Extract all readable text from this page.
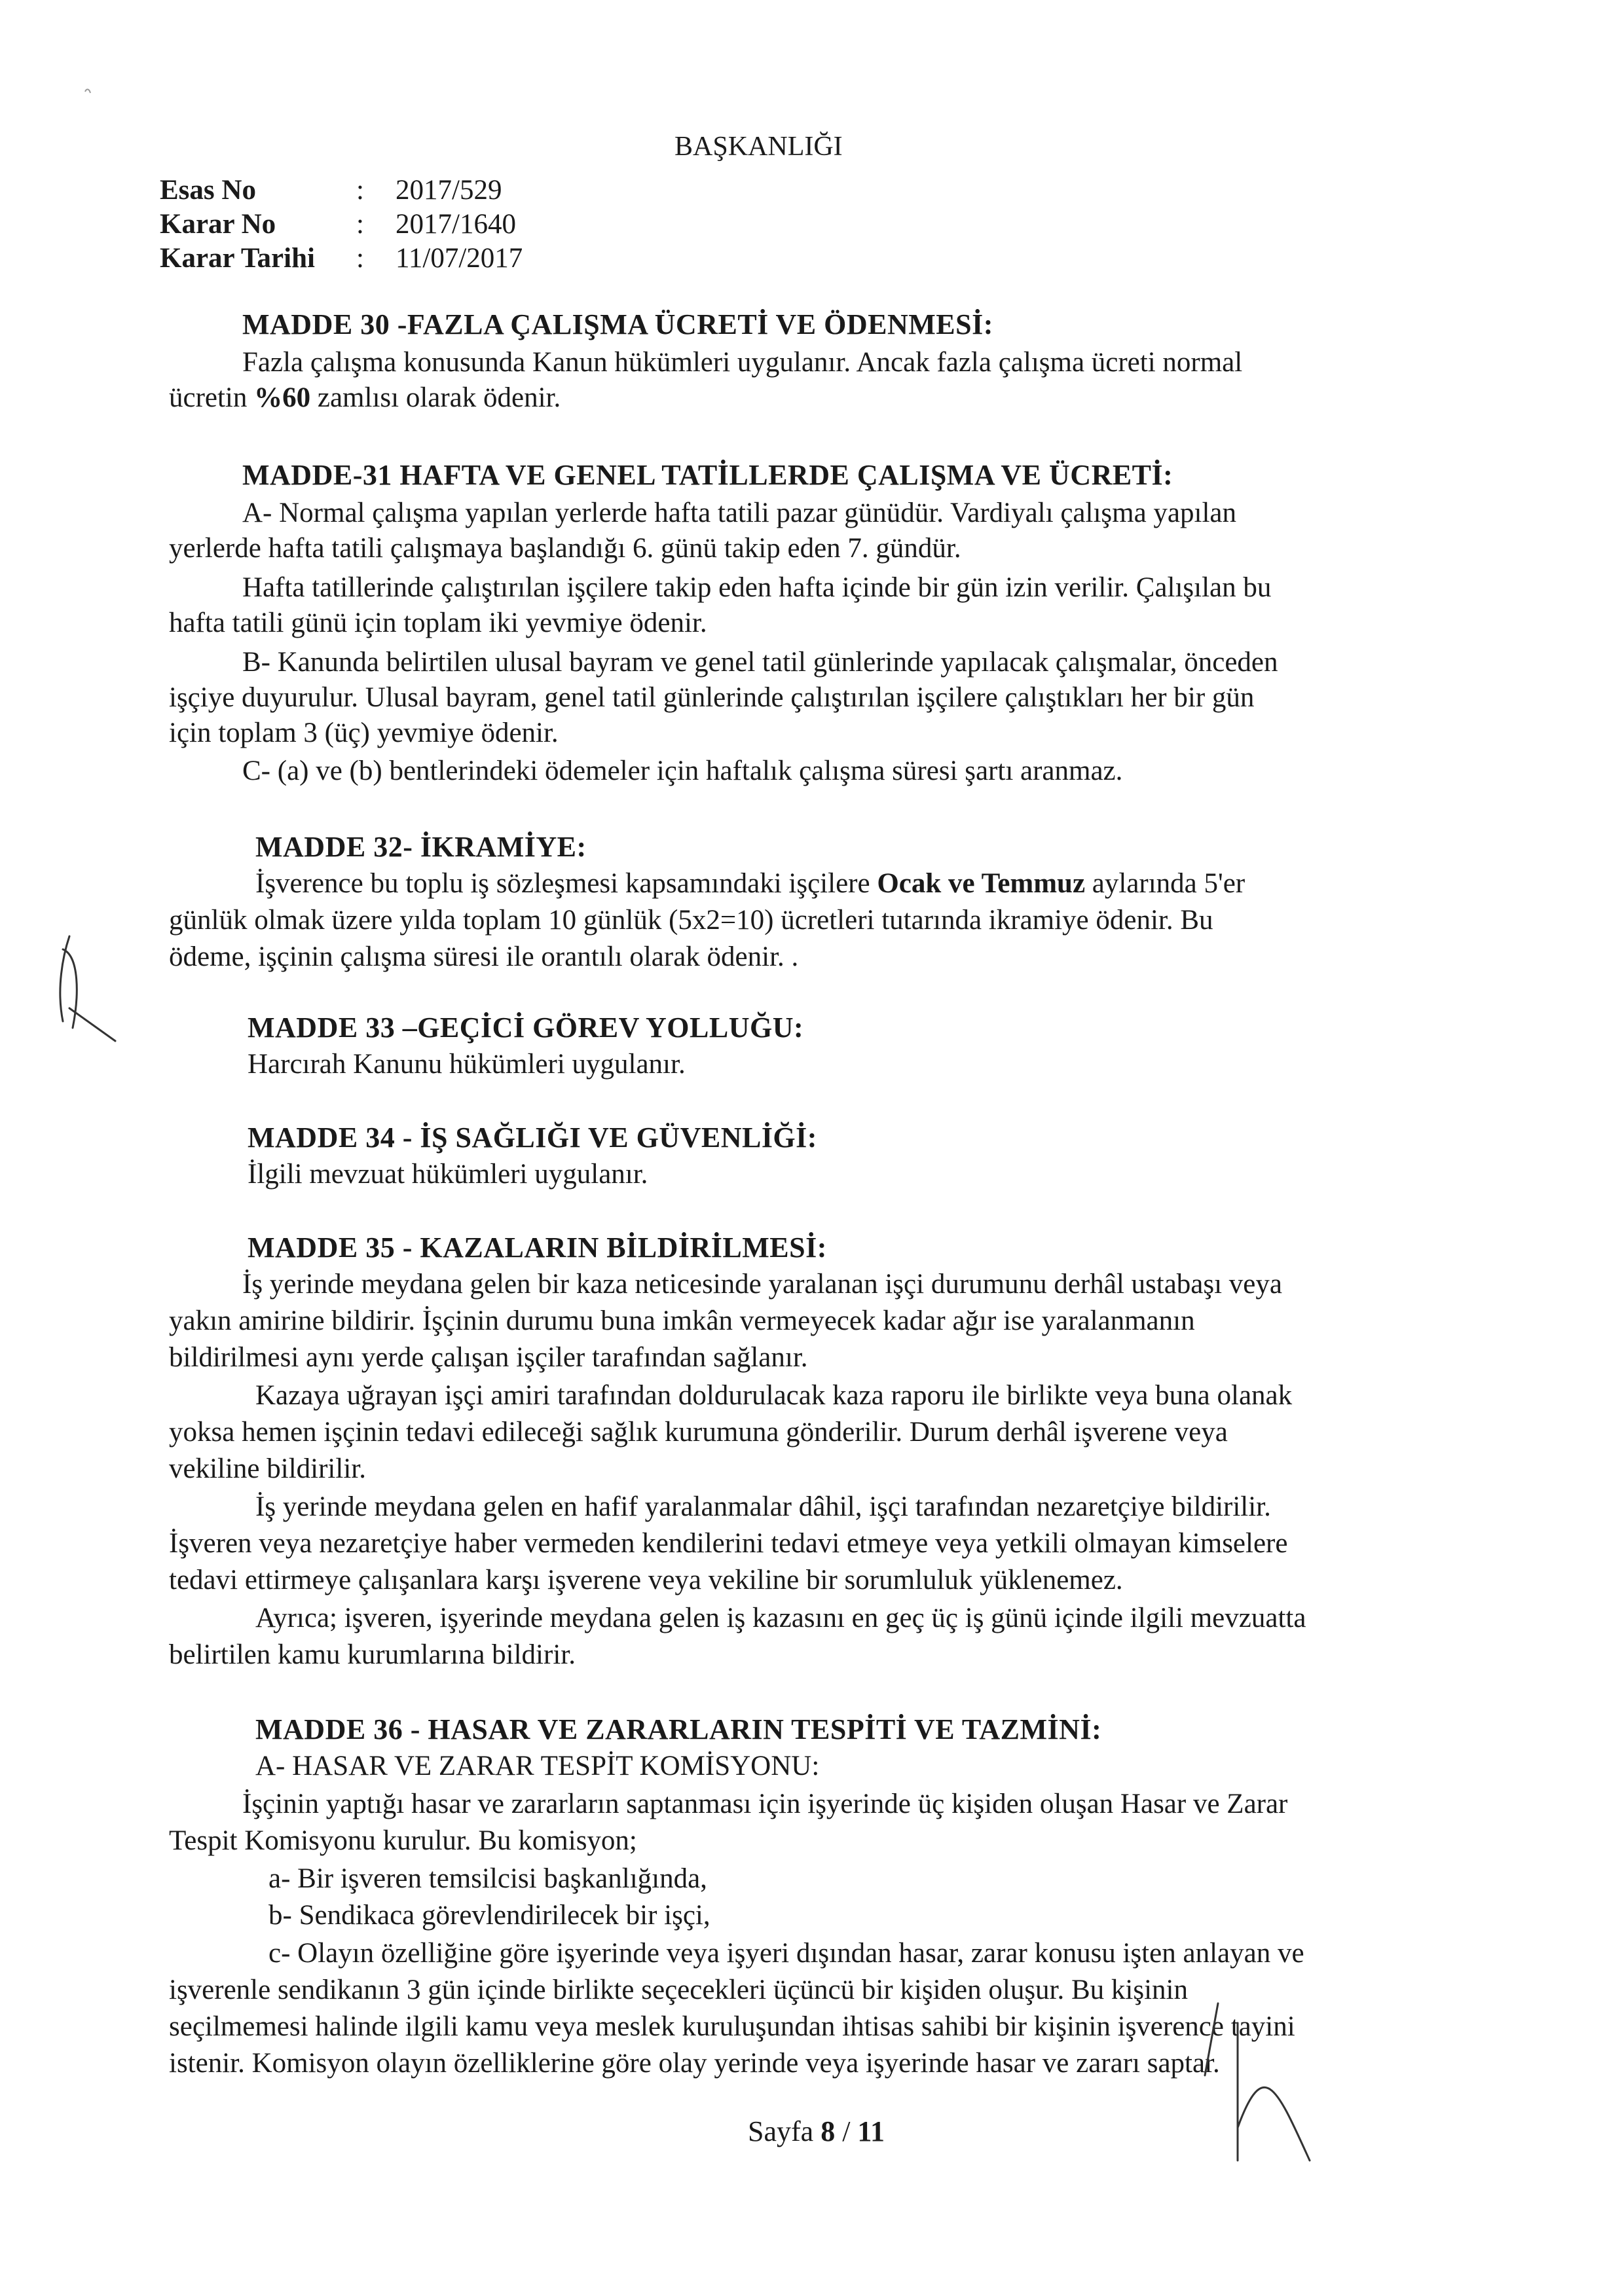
BAŞKANLIĞI
Esas No	: 2017/529
Karar No	: 2017/1640
Karar Tarihi : 11/07/2017
MADDE 30 -FAZLA ÇALIŞMA ÜCRETİ VE ÖDENMESİ:
Fazla çalışma konusunda Kanun hükümleri uygulanır. Ancak fazla çalışma ücreti normal
ücretin %60 zamlısı olarak ödenir.
MADDE-31 HAFTA VE GENEL TATİLLERDE ÇALIŞMA VE ÜCRETİ:
A- Normal çalışma yapılan yerlerde hafta tatili pazar günüdür. Vardiyalı çalışma yapılan
yerlerde hafta tatili çalışmaya başlandığı 6. günü takip eden 7. gündür.
Hafta tatillerinde çalıştırılan işçilere takip eden hafta içinde bir gün izin verilir. Çalışılan bu
hafta tatili günü için toplam iki yevmiye ödenir.
B- Kanunda belirtilen ulusal bayram ve genel tatil günlerinde yapılacak çalışmalar, önceden
işçiye duyurulur. Ulusal bayram, genel tatil günlerinde çalıştırılan işçilere çalıştıkları her bir gün
için toplam 3 (üç) yevmiye ödenir.
C- (a) ve (b) bentlerindeki ödemeler için haftalık çalışma süresi şartı aranmaz.
MADDE 32- İKRAMİYE:
İşverence bu toplu iş sözleşmesi kapsamındaki işçilere Ocak ve Temmuz aylarında 5'er
günlük olmak üzere yılda toplam 10 günlük (5x2=10) ücretleri tutarında ikramiye ödenir. Bu
ödeme, işçinin çalışma süresi ile orantılı olarak ödenir. .
MADDE 33 –GEÇİCİ GÖREV YOLLUĞU:
Harcırah Kanunu hükümleri uygulanır.
MADDE 34 - İŞ SAĞLIĞI VE GÜVENLİĞİ:
İlgili mevzuat hükümleri uygulanır.
MADDE 35 - KAZALARIN BİLDİRİLMESİ:
İş yerinde meydana gelen bir kaza neticesinde yaralanan işçi durumunu derhâl ustabaşı veya
yakın amirine bildirir. İşçinin durumu buna imkân vermeyecek kadar ağır ise yaralanmanın
bildirilmesi aynı yerde çalışan işçiler tarafından sağlanır.
Kazaya uğrayan işçi amiri tarafından doldurulacak kaza raporu ile birlikte veya buna olanak
yoksa hemen işçinin tedavi edileceği sağlık kurumuna gönderilir. Durum derhâl işverene veya
vekiline bildirilir.
İş yerinde meydana gelen en hafif yaralanmalar dâhil, işçi tarafından nezaretçiye bildirilir.
İşveren veya nezaretçiye haber vermeden kendilerini tedavi etmeye veya yetkili olmayan kimselere
tedavi ettirmeye çalışanlara karşı işverene veya vekiline bir sorumluluk yüklenemez.
Ayrıca; işveren, işyerinde meydana gelen iş kazasını en geç üç iş günü içinde ilgili mevzuatta
belirtilen kamu kurumlarına bildirir.
MADDE 36 - HASAR VE ZARARLARIN TESPİTİ VE TAZMİNİ:
A- HASAR VE ZARAR TESPİT KOMİSYONU:
İşçinin yaptığı hasar ve zararların saptanması için işyerinde üç kişiden oluşan Hasar ve Zarar
Tespit Komisyonu kurulur. Bu komisyon;
a- Bir işveren temsilcisi başkanlığında,
b- Sendikaca görevlendirilecek bir işçi,
c- Olayın özelliğine göre işyerinde veya işyeri dışından hasar, zarar konusu işten anlayan ve
işverenle sendikanın 3 gün içinde birlikte seçecekleri üçüncü bir kişiden oluşur. Bu kişinin
seçilmemesi halinde ilgili kamu veya meslek kuruluşundan ihtisas sahibi bir kişinin işverence tayini
istenir. Komisyon olayın özelliklerine göre olay yerinde veya işyerinde hasar ve zararı saptar.
Sayfa 8 / 11
